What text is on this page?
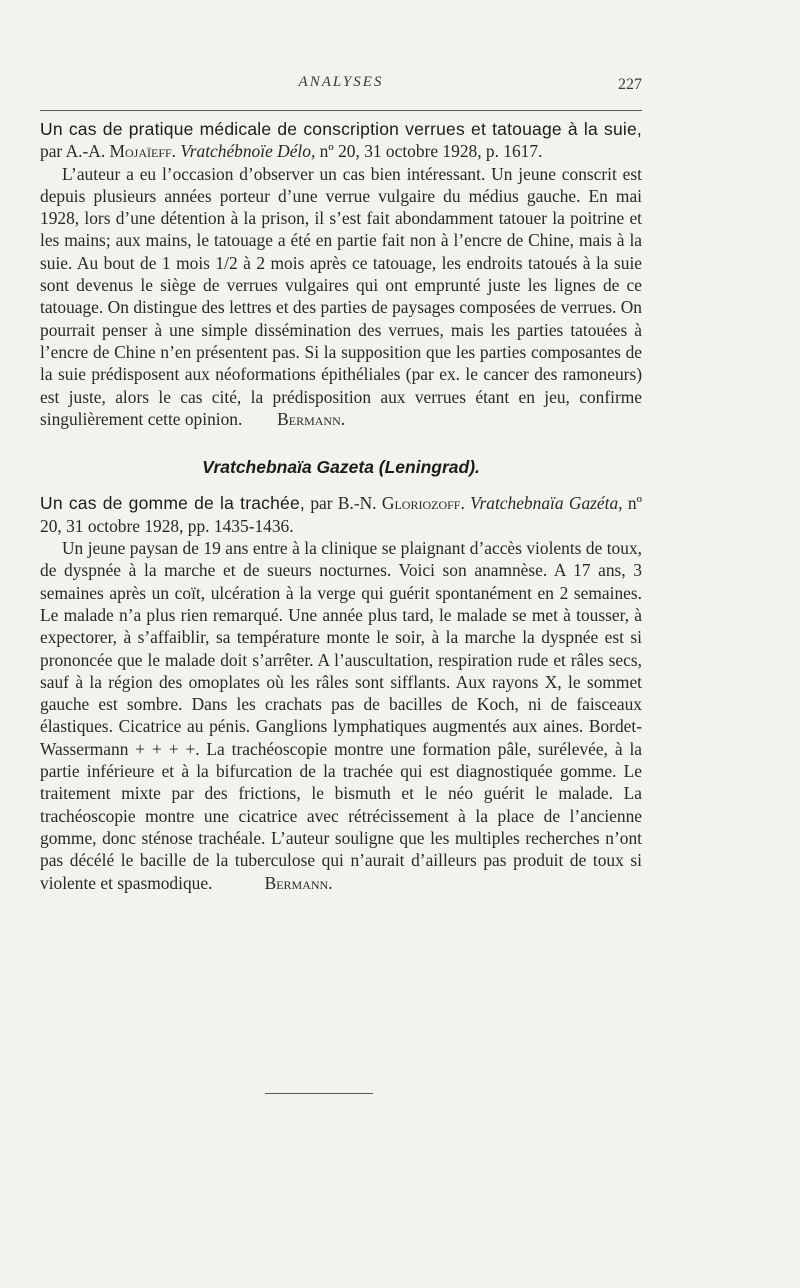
ANALYSES	227

Un cas de pratique médicale de conscription verrues et tatouage à la suie, par A.-A. Mojaïeff. Vratchébnoïe Délo, nº 20, 31 octobre 1928, p. 1617.

L’auteur a eu l’occasion d’observer un cas bien intéressant. Un jeune conscrit est depuis plusieurs années porteur d’une verrue vulgaire du médius gauche. En mai 1928, lors d’une détention à la prison, il s’est fait abondamment tatouer la poitrine et les mains; aux mains, le tatouage a été en partie fait non à l’encre de Chine, mais à la suie. Au bout de 1 mois 1/2 à 2 mois après ce tatouage, les endroits tatoués à la suie sont devenus le siège de verrues vulgaires qui ont emprunté juste les lignes de ce tatouage. On distingue des lettres et des parties de paysages composées de verrues. On pourrait penser à une simple dissémination des verrues, mais les parties tatouées à l’encre de Chine n’en présentent pas. Si la supposition que les parties composantes de la suie prédisposent aux néoformations épithéliales (par ex. le cancer des ramoneurs) est juste, alors le cas cité, la prédisposition aux verrues étant en jeu, confirme singulièrement cette opinion. Bermann.

Vratchebnaïa Gazeta (Leningrad).

Un cas de gomme de la trachée, par B.-N. Gloriozoff. Vratchebnaïa Gazéta, nº 20, 31 octobre 1928, pp. 1435-1436.

Un jeune paysan de 19 ans entre à la clinique se plaignant d’accès violents de toux, de dyspnée à la marche et de sueurs nocturnes. Voici son anamnèse. A 17 ans, 3 semaines après un coït, ulcération à la verge qui guérit spontanément en 2 semaines. Le malade n’a plus rien remarqué. Une année plus tard, le malade se met à tousser, à expectorer, à s’affaiblir, sa température monte le soir, à la marche la dyspnée est si prononcée que le malade doit s’arrêter. A l’auscultation, respiration rude et râles secs, sauf à la région des omoplates où les râles sont sifflants. Aux rayons X, le sommet gauche est sombre. Dans les crachats pas de bacilles de Koch, ni de faisceaux élastiques. Cicatrice au pénis. Ganglions lymphatiques augmentés aux aines. Bordet-Wassermann + + + +. La trachéoscopie montre une formation pâle, surélevée, à la partie inférieure et à la bifurcation de la trachée qui est diagnostiquée gomme. Le traitement mixte par des frictions, le bismuth et le néo guérit le malade. La trachéoscopie montre une cicatrice avec rétrécissement à la place de l’ancienne gomme, donc sténose trachéale. L’auteur souligne que les multiples recherches n’ont pas décélé le bacille de la tuberculose qui n’aurait d’ailleurs pas produit de toux si violente et spasmodique.	Bermann.
